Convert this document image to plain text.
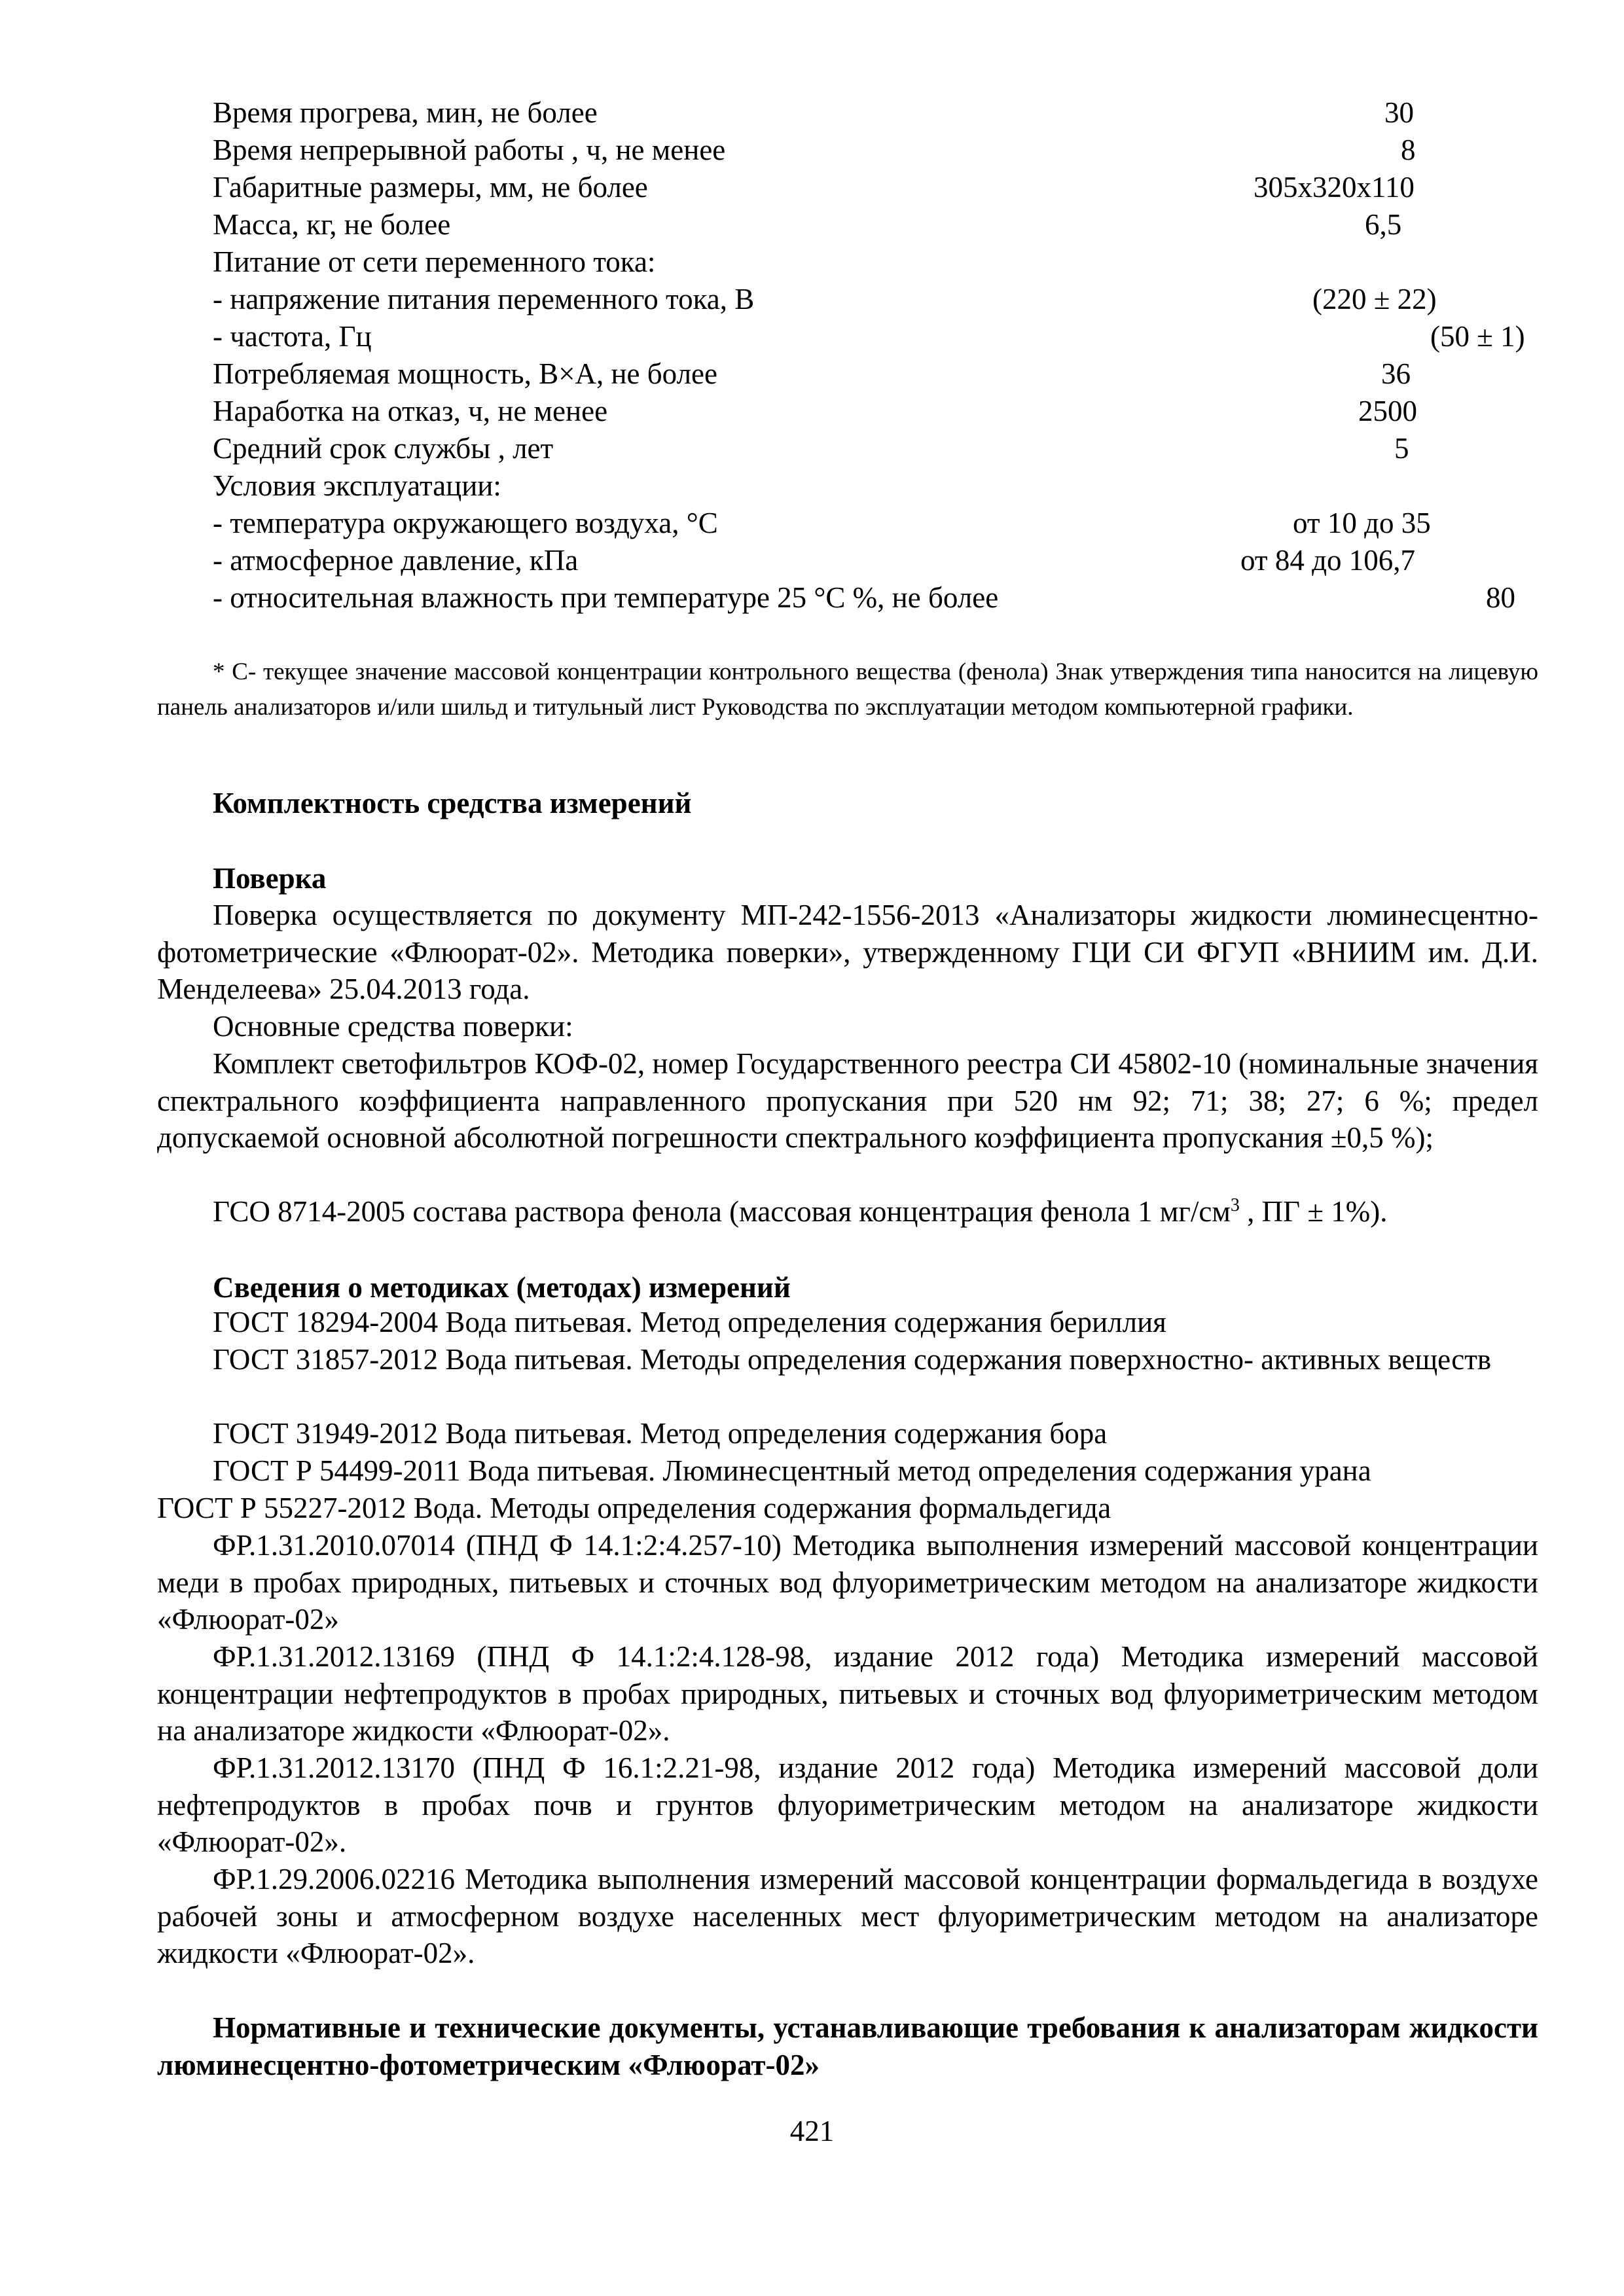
Время прогрева, мин, не более	30
Время непрерывной работы , ч, не менее	8
Габаритные размеры, мм, не более	305х320х110
Масса, кг, не более	6,5
Питание от сети переменного тока:
- напряжение питания переменного тока, В	(220 ± 22)
- частота, Гц	(50 ± 1)
Потребляемая мощность, В×А, не более	36
Наработка на отказ, ч, не менее	2500
Средний срок службы , лет	5
Условия эксплуатации:
- температура окружающего воздуха, °С	от 10 до 35
- атмосферное давление, кПа	от 84 до 106,7
- относительная влажность при температуре 25 °С %, не более	80
* С- текущее значение массовой концентрации контрольного вещества (фенола) Знак утверждения типа наносится на лицевую панель анализаторов и/или шильд и титульный лист Руководства по эксплуатации методом компьютерной графики.
Комплектность средства измерений
Поверка
Поверка осуществляется по документу МП-242-1556-2013 «Анализаторы жидкости люминесцентно-фотометрические «Флюорат-02». Методика поверки», утвержденному ГЦИ СИ ФГУП «ВНИИМ им. Д.И. Менделеева» 25.04.2013 года.
Основные средства поверки:
Комплект светофильтров КОФ-02, номер Государственного реестра СИ 45802-10 (номинальные значения спектрального коэффициента направленного пропускания при 520 нм 92; 71; 38; 27; 6 %; предел допускаемой основной абсолютной погрешности спектрального коэффициента пропускания ±0,5 %);
ГСО 8714-2005 состава раствора фенола (массовая концентрация фенола 1 $мг/см^3$ , ПГ ± 1%).
Сведения о методиках (методах) измерений
ГОСТ 18294-2004 Вода питьевая. Метод определения содержания бериллия
ГОСТ 31857-2012 Вода питьевая. Методы определения содержания поверхностно- активных веществ
ГОСТ 31949-2012 Вода питьевая. Метод определения содержания бора
ГОСТ Р 54499-2011 Вода питьевая. Люминесцентный метод определения содержания урана
ГОСТ Р 55227-2012 Вода. Методы определения содержания формальдегида
ФР.1.31.2010.07014 (ПНД Ф 14.1:2:4.257-10) Методика выполнения измерений массовой концентрации меди в пробах природных, питьевых и сточных вод флуориметрическим методом на анализаторе жидкости «Флюорат-02»
ФР.1.31.2012.13169 (ПНД Ф 14.1:2:4.128-98, издание 2012 года) Методика измерений массовой концентрации нефтепродуктов в пробах природных, питьевых и сточных вод флуориметрическим методом на анализаторе жидкости «Флюорат-02».
ФР.1.31.2012.13170 (ПНД Ф 16.1:2.21-98, издание 2012 года) Методика измерений массовой доли нефтепродуктов в пробах почв и грунтов флуориметрическим методом на анализаторе жидкости «Флюорат-02».
ФР.1.29.2006.02216 Методика выполнения измерений массовой концентрации формальдегида в воздухе рабочей зоны и атмосферном воздухе населенных мест флуориметрическим методом на анализаторе жидкости «Флюорат-02».
Нормативные и технические документы, устанавливающие требования к анализаторам жидкости люминесцентно-фотометрическим «Флюорат-02»
421
